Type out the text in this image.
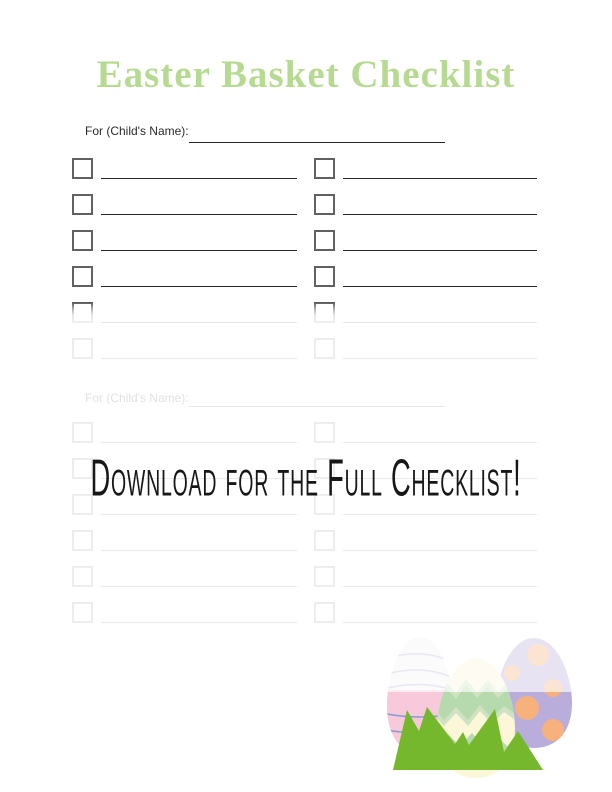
Easter Basket Checklist
For (Child's Name):
For (Child's Name):
Download for the Full Checklist!
